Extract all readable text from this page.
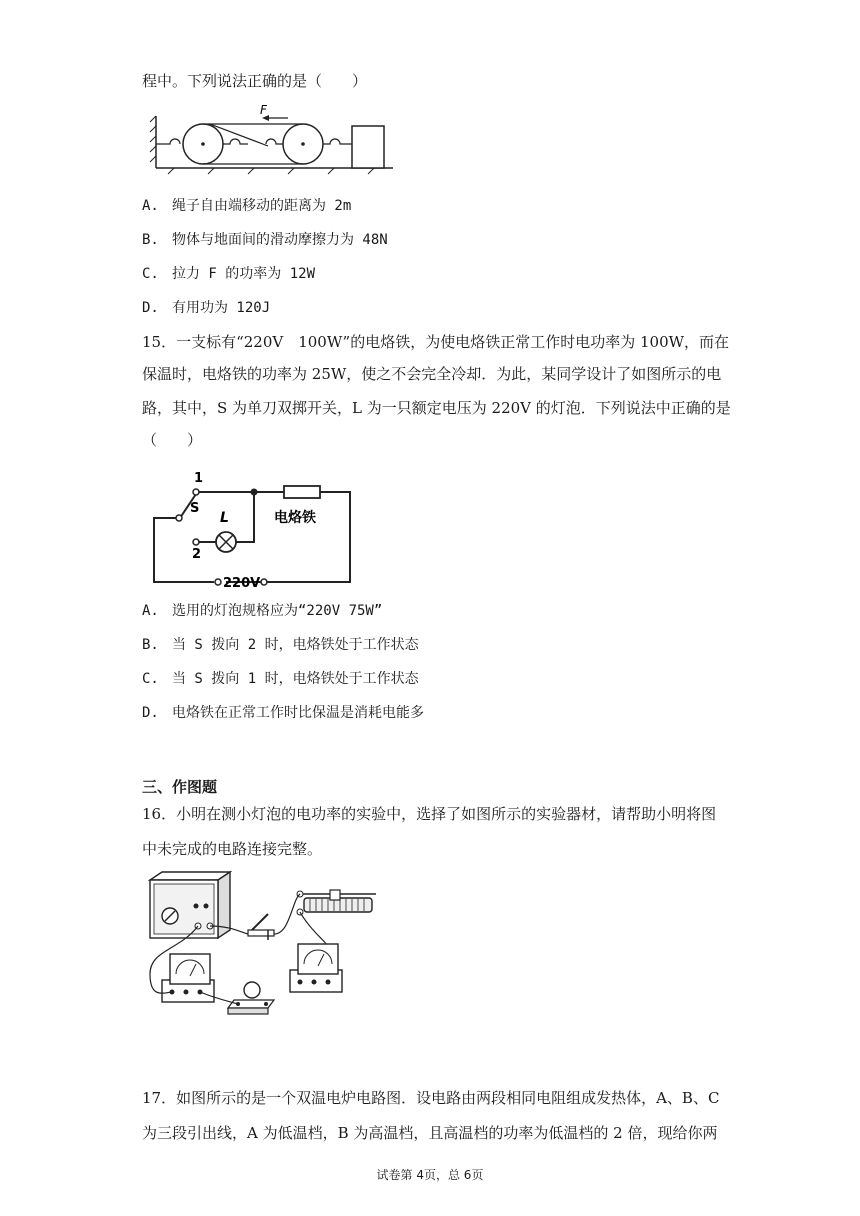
程中。下列说法正确的是（　　）
F
A. 绳子自由端移动的距离为 2m
B. 物体与地面间的滑动摩擦力为 48N
C. 拉力 F 的功率为 12W
D. 有用功为 120J
15．一支标有“220V　100W”的电烙铁，为使电烙铁正常工作时电功率为 100W，而在
保温时，电烙铁的功率为 25W，使之不会完全冷却．为此，某同学设计了如图所示的电
路，其中，S 为单刀双掷开关，L 为一只额定电压为 220V 的灯泡．下列说法中正确的是
（　　）
1
S
L
2
电烙铁
220V
A. 选用的灯泡规格应为“220V 75W”
B. 当 S 拨向 2 时，电烙铁处于工作状态
C. 当 S 拨向 1 时，电烙铁处于工作状态
D. 电烙铁在正常工作时比保温是消耗电能多
三、作图题
16．小明在测小灯泡的电功率的实验中，选择了如图所示的实验器材，请帮助小明将图
中未完成的电路连接完整。
17．如图所示的是一个双温电炉电路图．设电路由两段相同电阻组成发热体，A、B、C
为三段引出线，A 为低温档，B 为高温档，且高温档的功率为低温档的 2 倍，现给你两
试卷第 4页，总 6页
